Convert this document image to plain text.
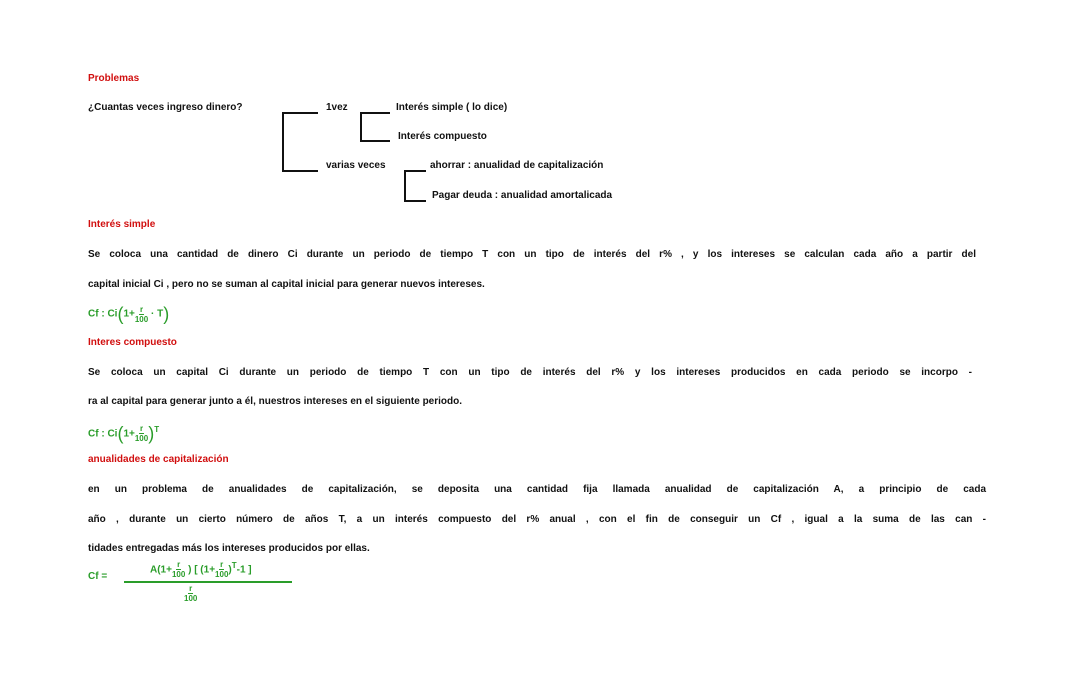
Problemas
¿Cuantas veces ingreso dinero?	1vez	Interés simple ( lo dice)
Interés compuesto
varias veces	ahorrar : anualidad de capitalización
Pagar deuda : anualidad amortalicada
Interés simple
Se coloca una cantidad de dinero Ci durante un periodo de tiempo T con un tipo de interés del r% , y los intereses se calculan cada año a partir del
capital inicial Ci , pero no se suman al capital inicial para generar nuevos intereses.
Cf : $Ci(1+ \frac{r}{100} \cdot T)$
Interes compuesto
Se coloca un capital Ci durante un periodo de tiempo T con un tipo de interés del r% y los intereses producidos en cada periodo se incorpo -
ra al capital para generar junto a él, nuestros intereses en el siguiente periodo.
Cf : $Ci(1+ \frac{r}{100} )^T$
anualidades de capitalización
en un problema de anualidades de capitalización, se deposita una cantidad fija llamada anualidad de capitalización A, a principio de cada
año , durante un cierto número de años T, a un interés compuesto del r% anual , con el fin de conseguir un Cf , igual a la suma de las can -
tidades entregadas más los intereses producidos por ellas.
Cf =
$A(1+ \frac{r}{100}$ ) [ $(1+ \frac{r}{100} )^T-1$ ]
$\frac{r}{100}$
